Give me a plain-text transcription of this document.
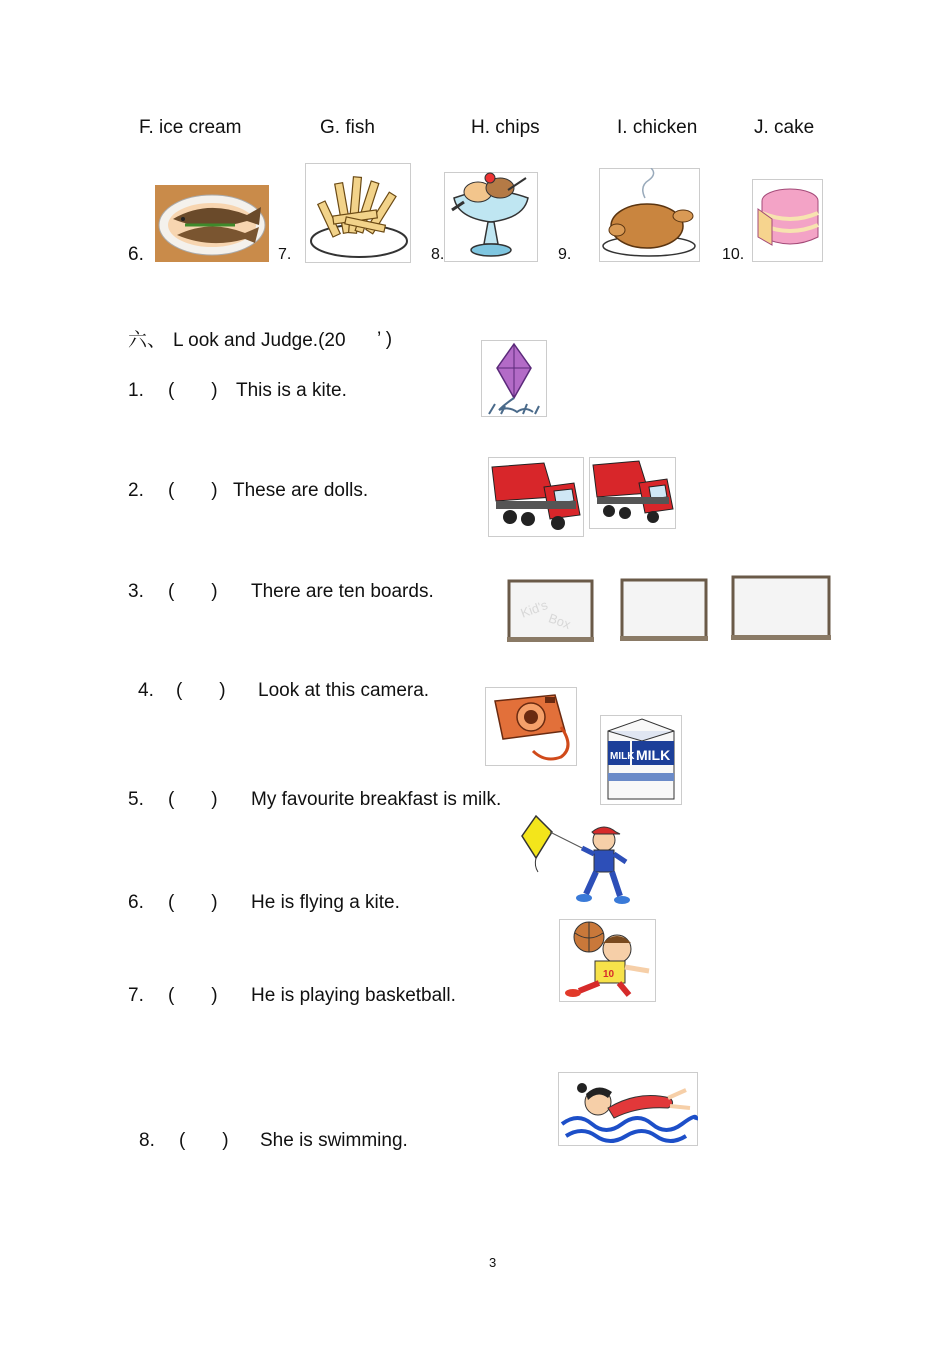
F. ice cream	G. fish	H. chips	I. chicken	J. cake
6.	7.	8.	9.	10.
六、 L ook and Judge.(20 ’ )
1. (       ) This is a kite.
2. (       ) These are dolls.
3. (       ) There are ten boards.
4. (       ) Look at this camera.
5. (       ) My favourite breakfast is milk.
6. (       ) He is flying a kite.
7. (       ) He is playing basketball.
8. (       ) She is swimming.
Kid's
Box
MILK MILK
10
3
